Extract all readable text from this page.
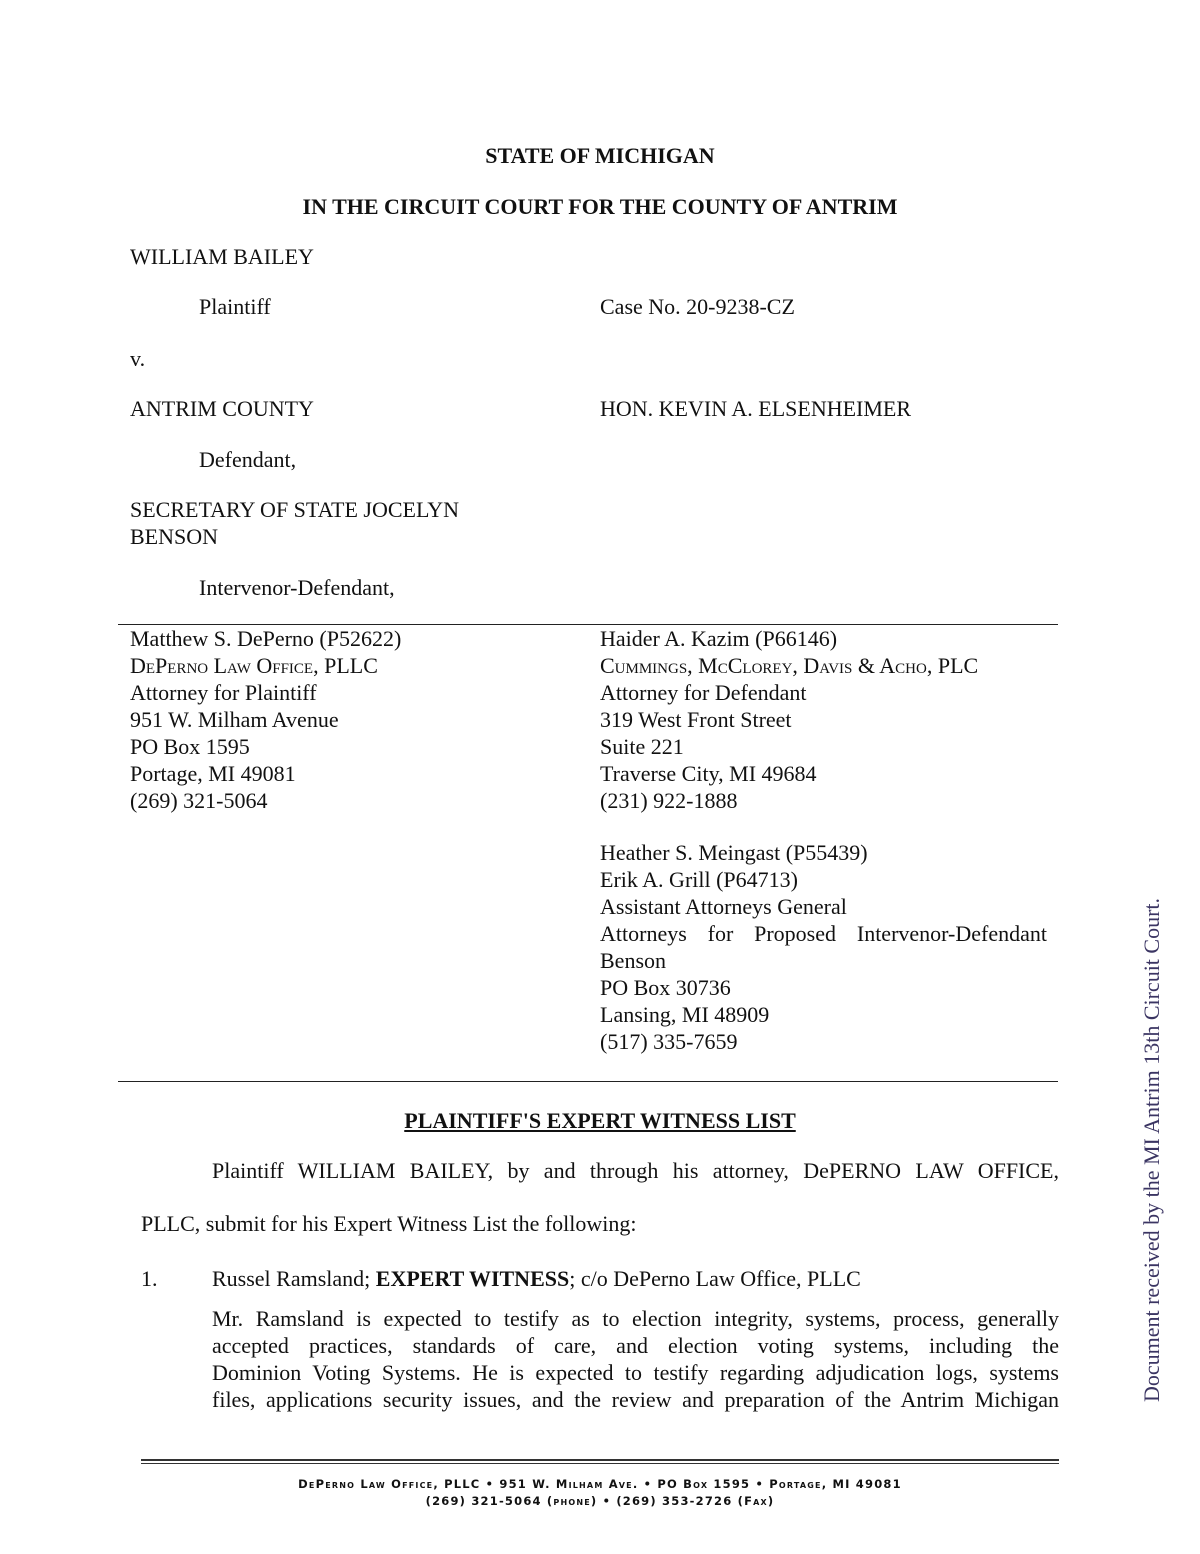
STATE OF MICHIGAN
IN THE CIRCUIT COURT FOR THE COUNTY OF ANTRIM
WILLIAM BAILEY
Plaintiff	Case No. 20-9238-CZ
v.
ANTRIM COUNTY	HON. KEVIN A. ELSENHEIMER
Defendant,
SECRETARY OF STATE JOCELYN
BENSON
Intervenor-Defendant,
Matthew S. DePerno (P52622)
DePerno Law Office, PLLC
Attorney for Plaintiff
951 W. Milham Avenue
PO Box 1595
Portage, MI 49081
(269) 321-5064
Haider A. Kazim (P66146)
Cummings, McClorey, Davis & Acho, PLC
Attorney for Defendant
319 West Front Street
Suite 221
Traverse City, MI 49684
(231) 922-1888
Heather S. Meingast (P55439)
Erik A. Grill (P64713)
Assistant Attorneys General
Attorneys for Proposed Intervenor-Defendant
Benson
PO Box 30736
Lansing, MI 48909
(517) 335-7659
PLAINTIFF'S EXPERT WITNESS LIST
Plaintiff WILLIAM BAILEY, by and through his attorney, DePERNO LAW OFFICE,
PLLC, submit for his Expert Witness List the following:
1. Russel Ramsland; EXPERT WITNESS; c/o DePerno Law Office, PLLC
Mr. Ramsland is expected to testify as to election integrity, systems, process, generally
accepted practices, standards of care, and election voting systems, including the
Dominion Voting Systems. He is expected to testify regarding adjudication logs, systems
files, applications security issues, and the review and preparation of the Antrim Michigan
DePerno Law Office, PLLC • 951 W. Milham Ave. • PO Box 1595 • Portage, MI 49081
(269) 321-5064 (phone) • (269) 353-2726 (Fax)
Document received by the MI Antrim 13th Circuit Court.
